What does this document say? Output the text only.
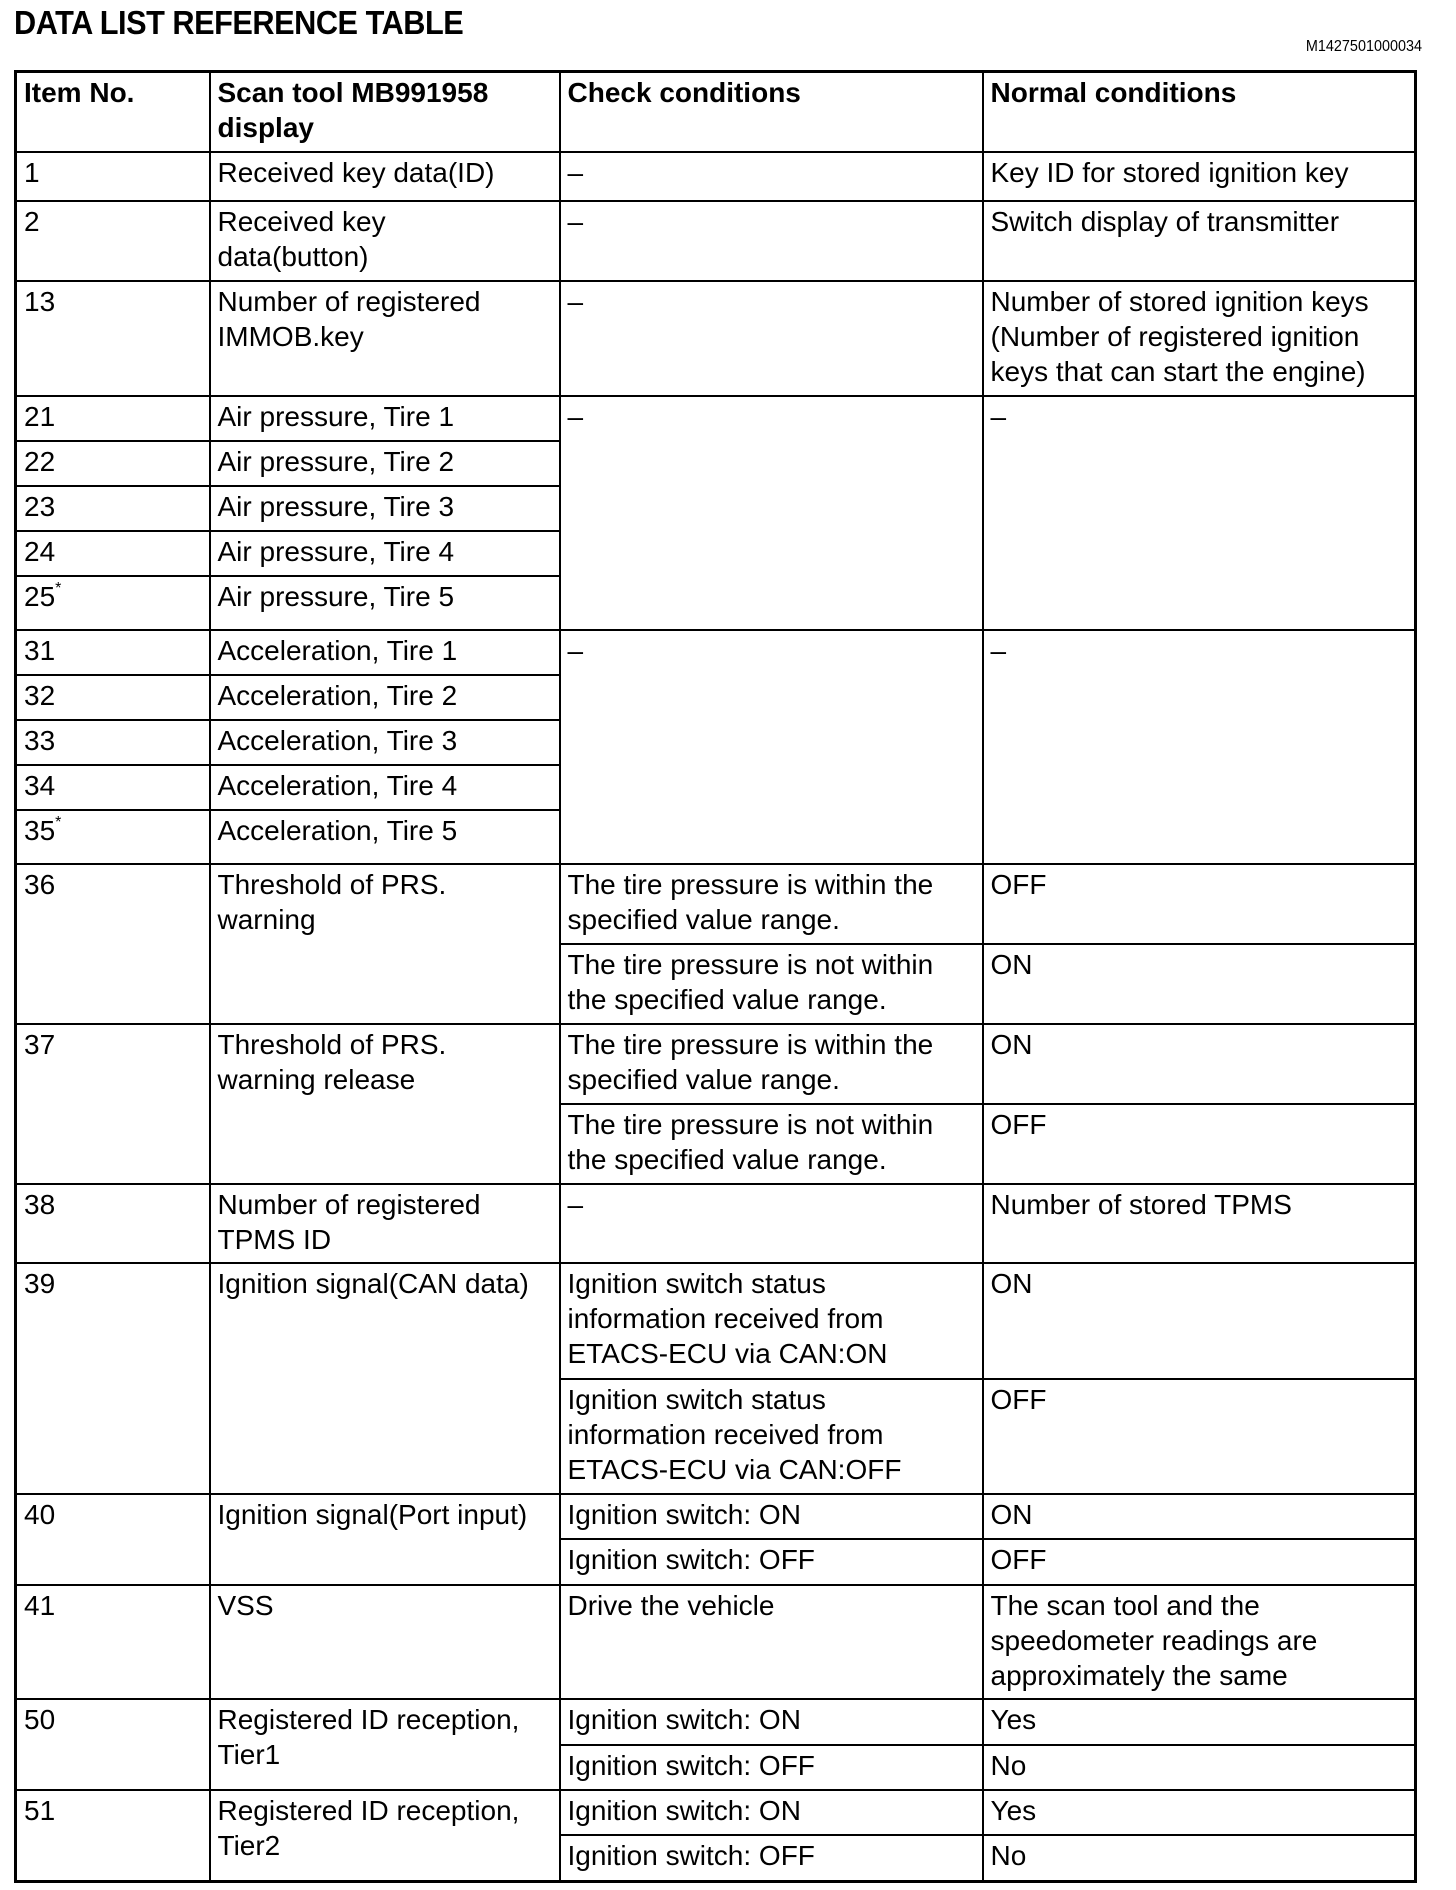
DATA LIST REFERENCE TABLE
M1427501000034
Item No.	Scan tool MB991958 display	Check conditions	Normal conditions
1	Received key data(ID)	–	Key ID for stored ignition key
2	Received key data(button)	–	Switch display of transmitter
13	Number of registered IMMOB.key	–	Number of stored ignition keys (Number of registered ignition keys that can start the engine)
21	Air pressure, Tire 1	–	–
22	Air pressure, Tire 2		
23	Air pressure, Tire 3		
24	Air pressure, Tire 4		
25*	Air pressure, Tire 5		
31	Acceleration, Tire 1	–	–
32	Acceleration, Tire 2		
33	Acceleration, Tire 3		
34	Acceleration, Tire 4		
35*	Acceleration, Tire 5		
36	Threshold of PRS. warning	The tire pressure is within the specified value range.	OFF
		The tire pressure is not within the specified value range.	ON
37	Threshold of PRS. warning release	The tire pressure is within the specified value range.	ON
		The tire pressure is not within the specified value range.	OFF
38	Number of registered TPMS ID	–	Number of stored TPMS
39	Ignition signal(CAN data)	Ignition switch status information received from ETACS-ECU via CAN:ON	ON
		Ignition switch status information received from ETACS-ECU via CAN:OFF	OFF
40	Ignition signal(Port input)	Ignition switch: ON	ON
		Ignition switch: OFF	OFF
41	VSS	Drive the vehicle	The scan tool and the speedometer readings are approximately the same
50	Registered ID reception, Tier1	Ignition switch: ON	Yes
		Ignition switch: OFF	No
51	Registered ID reception, Tier2	Ignition switch: ON	Yes
		Ignition switch: OFF	No
